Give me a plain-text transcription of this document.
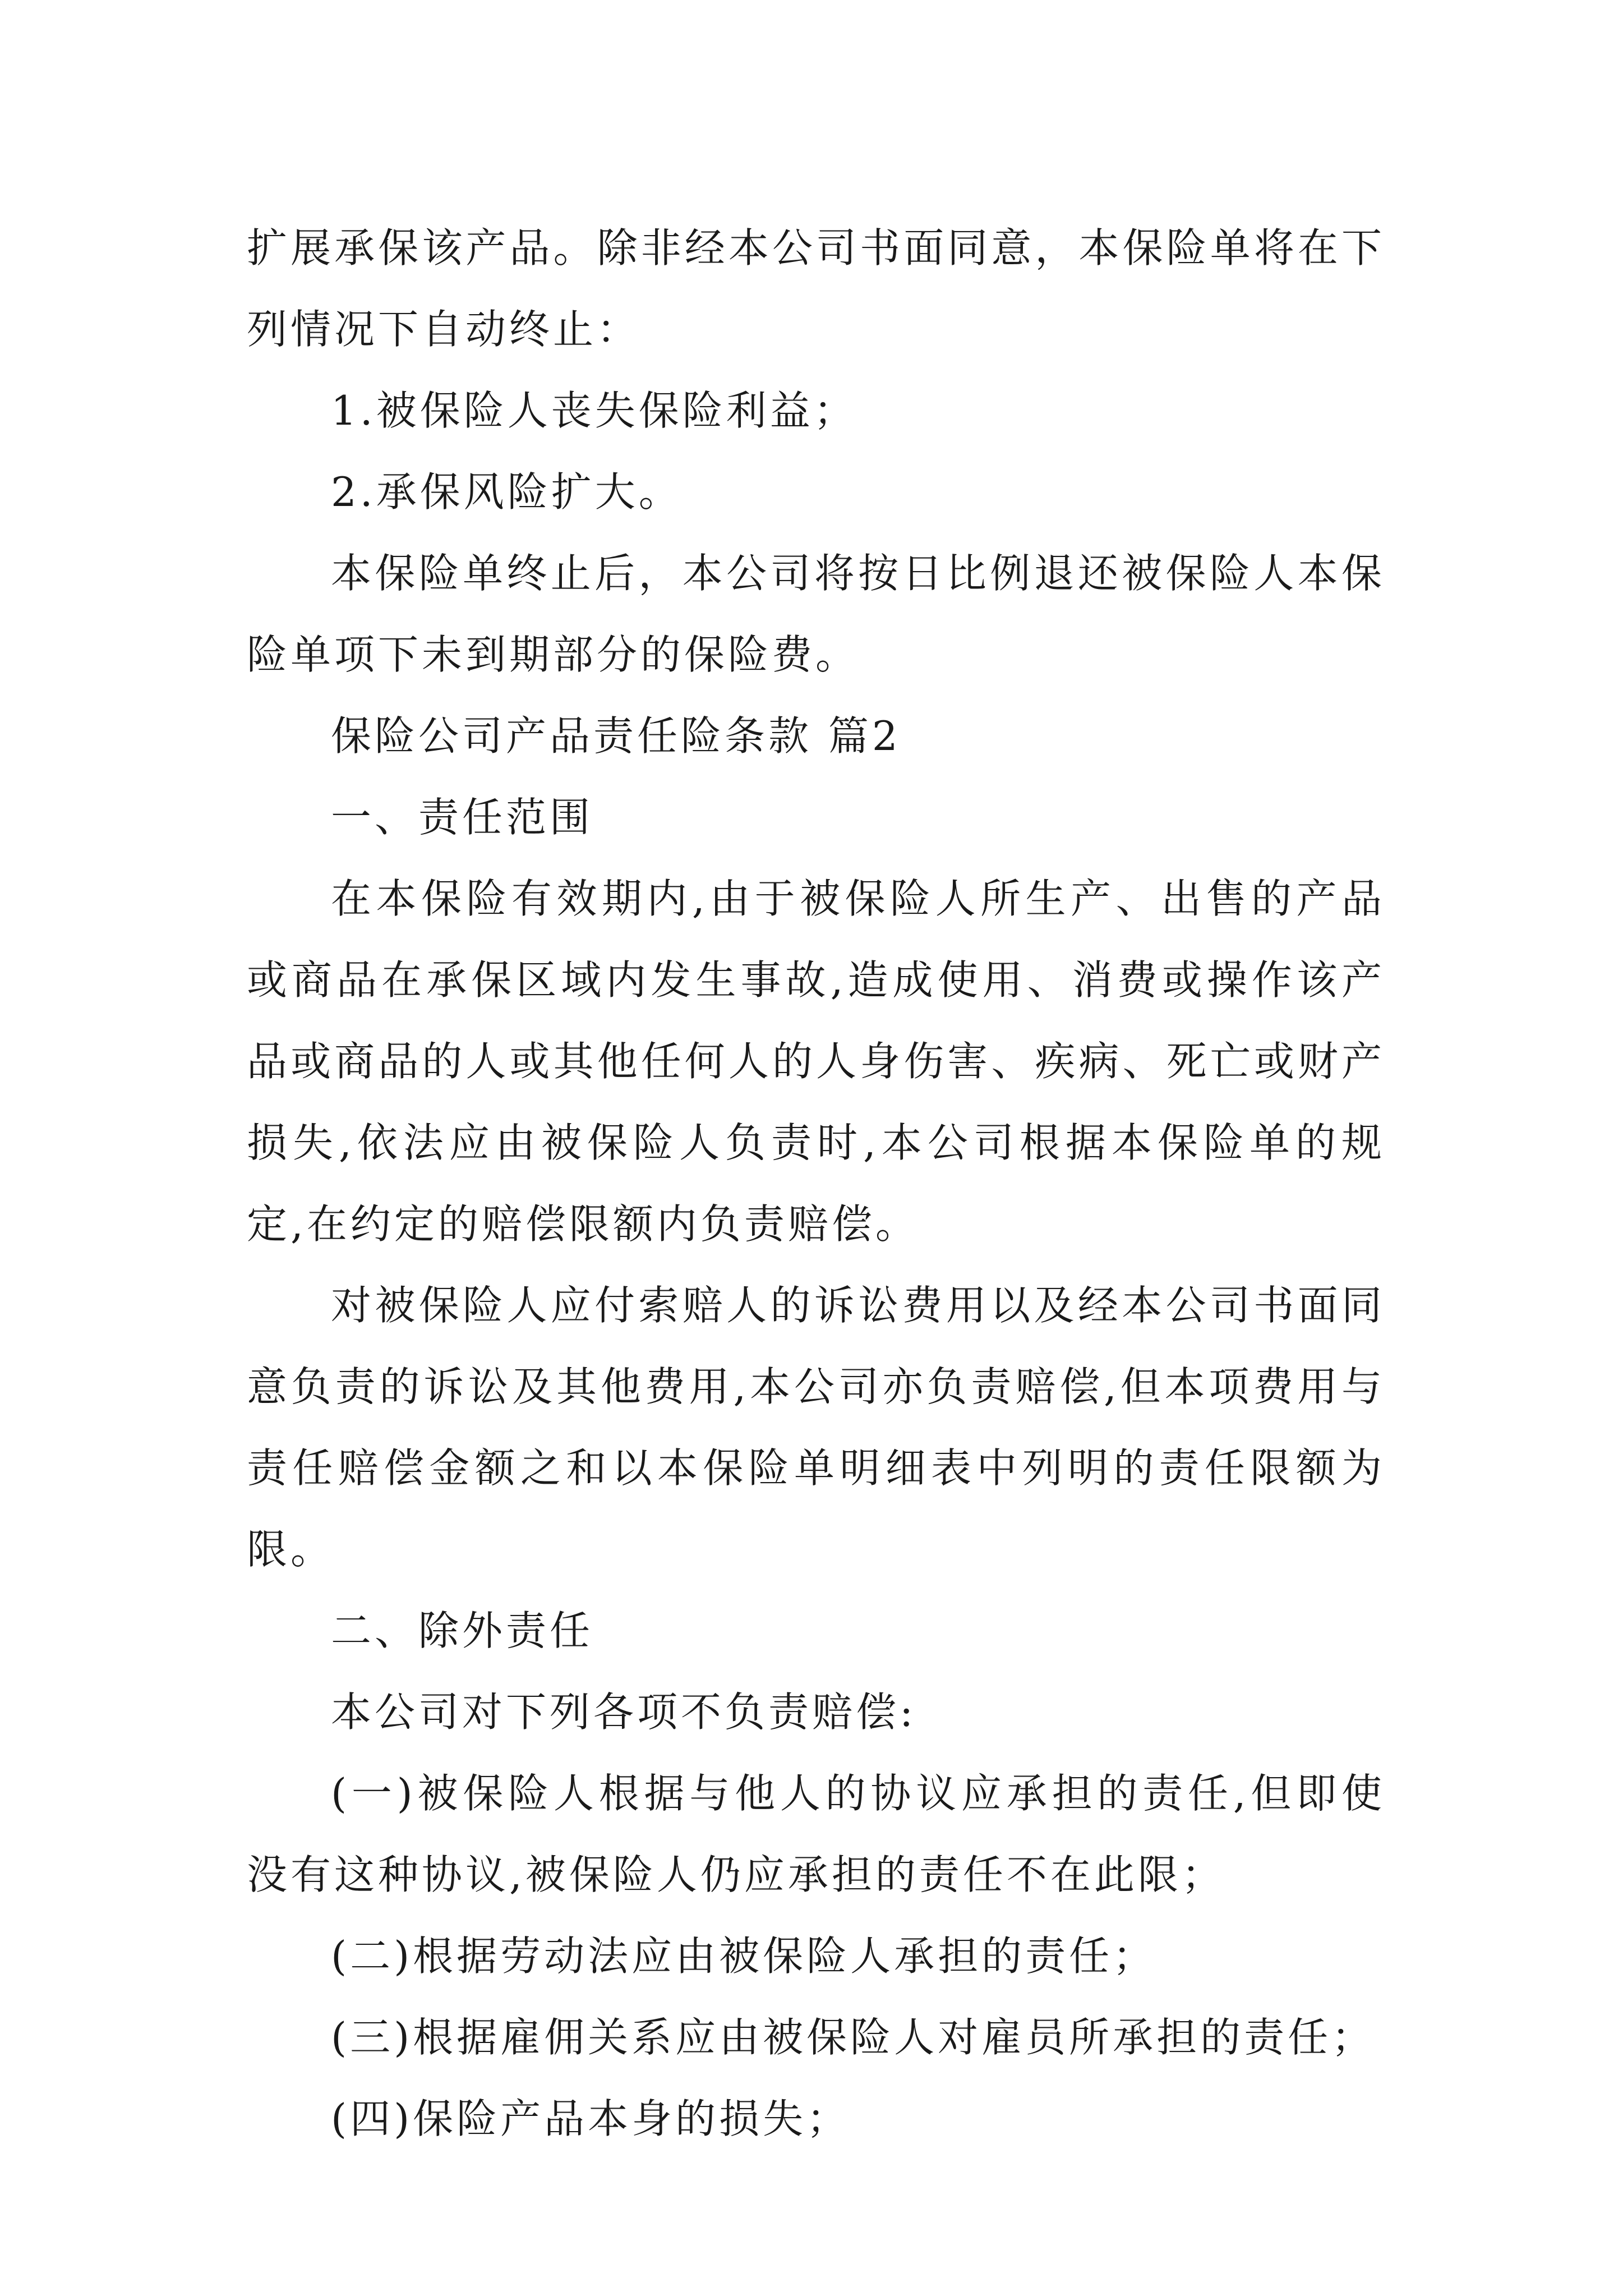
扩展承保该产品。除非经本公司书面同意，本保险单将在下列情况下自动终止：

1.被保险人丧失保险利益；

2.承保风险扩大。

本保险单终止后，本公司将按日比例退还被保险人本保险单项下未到期部分的保险费。

保险公司产品责任险条款 篇2

一、责任范围

在本保险有效期内,由于被保险人所生产、出售的产品或商品在承保区域内发生事故,造成使用、消费或操作该产品或商品的人或其他任何人的人身伤害、疾病、死亡或财产损失,依法应由被保险人负责时,本公司根据本保险单的规定,在约定的赔偿限额内负责赔偿。

对被保险人应付索赔人的诉讼费用以及经本公司书面同意负责的诉讼及其他费用,本公司亦负责赔偿,但本项费用与责任赔偿金额之和以本保险单明细表中列明的责任限额为限。

二、除外责任

本公司对下列各项不负责赔偿:

(一)被保险人根据与他人的协议应承担的责任,但即使没有这种协议,被保险人仍应承担的责任不在此限；

(二)根据劳动法应由被保险人承担的责任；

(三)根据雇佣关系应由被保险人对雇员所承担的责任；

(四)保险产品本身的损失；
